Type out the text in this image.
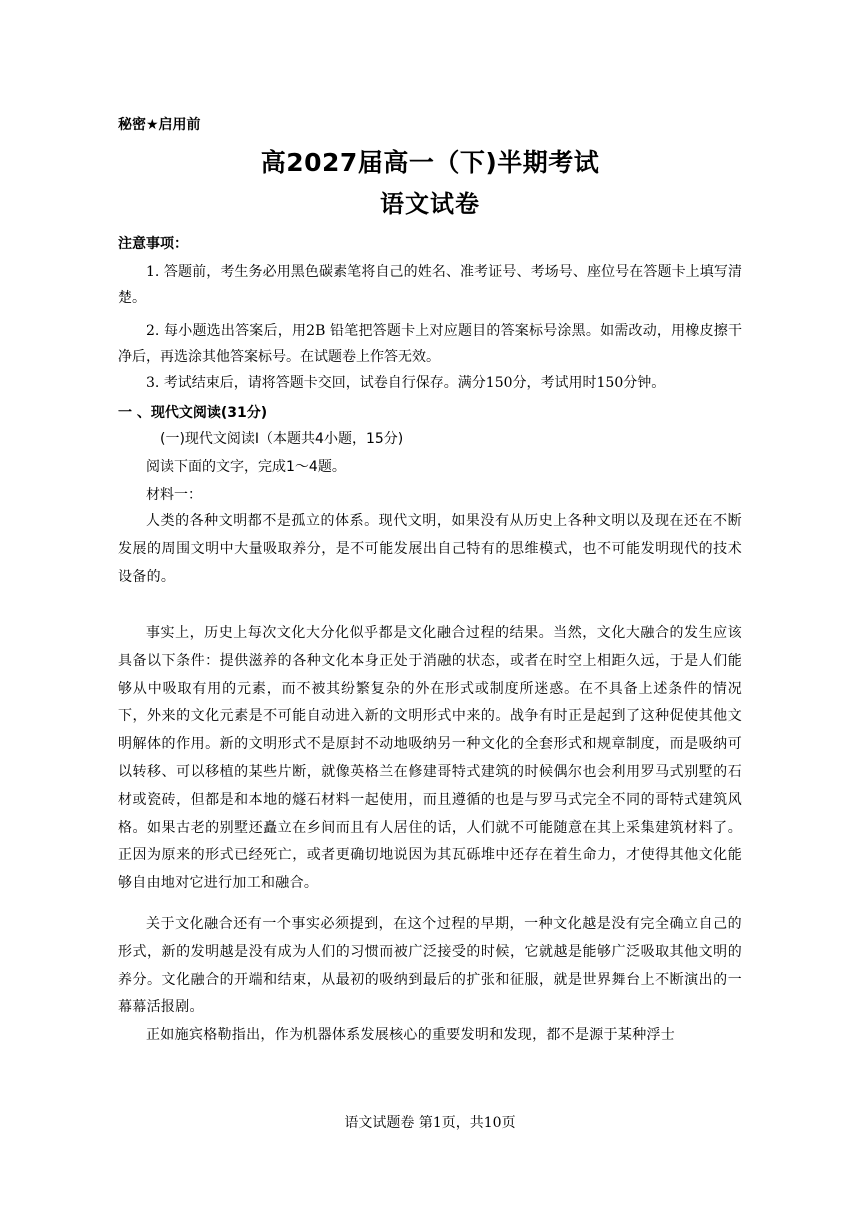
秘密★启用前
高2027届高一（下)半期考试
语文试卷
注意事项：
1. 答题前，考生务必用黑色碳素笔将自己的姓名、准考证号、考场号、座位号在答题卡上填写清楚。
2. 每小题选出答案后，用2B 铅笔把答题卡上对应题目的答案标号涂黑。如需改动，用橡皮擦干净后，再选涂其他答案标号。在试题卷上作答无效。
3. 考试结束后，请将答题卡交回，试卷自行保存。满分150分，考试用时150分钟。
一 、现代文阅读(31分)
(一)现代文阅读I（本题共4小题，15分)
阅读下面的文字，完成1～4题。
材料一：
人类的各种文明都不是孤立的体系。现代文明，如果没有从历史上各种文明以及现在还在不断发展的周围文明中大量吸取养分，是不可能发展出自己特有的思维模式，也不可能发明现代的技术设备的。
事实上，历史上每次文化大分化似乎都是文化融合过程的结果。当然，文化大融合的发生应该具备以下条件：提供滋养的各种文化本身正处于消融的状态，或者在时空上相距久远，于是人们能够从中吸取有用的元素，而不被其纷繁复杂的外在形式或制度所迷惑。在不具备上述条件的情况下，外来的文化元素是不可能自动进入新的文明形式中来的。战争有时正是起到了这种促使其他文明解体的作用。新的文明形式不是原封不动地吸纳另一种文化的全套形式和规章制度，而是吸纳可以转移、可以移植的某些片断，就像英格兰在修建哥特式建筑的时候偶尔也会利用罗马式别墅的石材或瓷砖，但都是和本地的燧石材料一起使用，而且遵循的也是与罗马式完全不同的哥特式建筑风格。如果古老的别墅还矗立在乡间而且有人居住的话，人们就不可能随意在其上采集建筑材料了。正因为原来的形式已经死亡，或者更确切地说因为其瓦砾堆中还存在着生命力，才使得其他文化能够自由地对它进行加工和融合。
关于文化融合还有一个事实必须提到，在这个过程的早期，一种文化越是没有完全确立自己的形式，新的发明越是没有成为人们的习惯而被广泛接受的时候，它就越是能够广泛吸取其他文明的养分。文化融合的开端和结束，从最初的吸纳到最后的扩张和征服，就是世界舞台上不断演出的一幕幕活报剧。
正如施宾格勒指出，作为机器体系发展核心的重要发明和发现，都不是源于某种浮士
语文试题卷 第1页，共10页
